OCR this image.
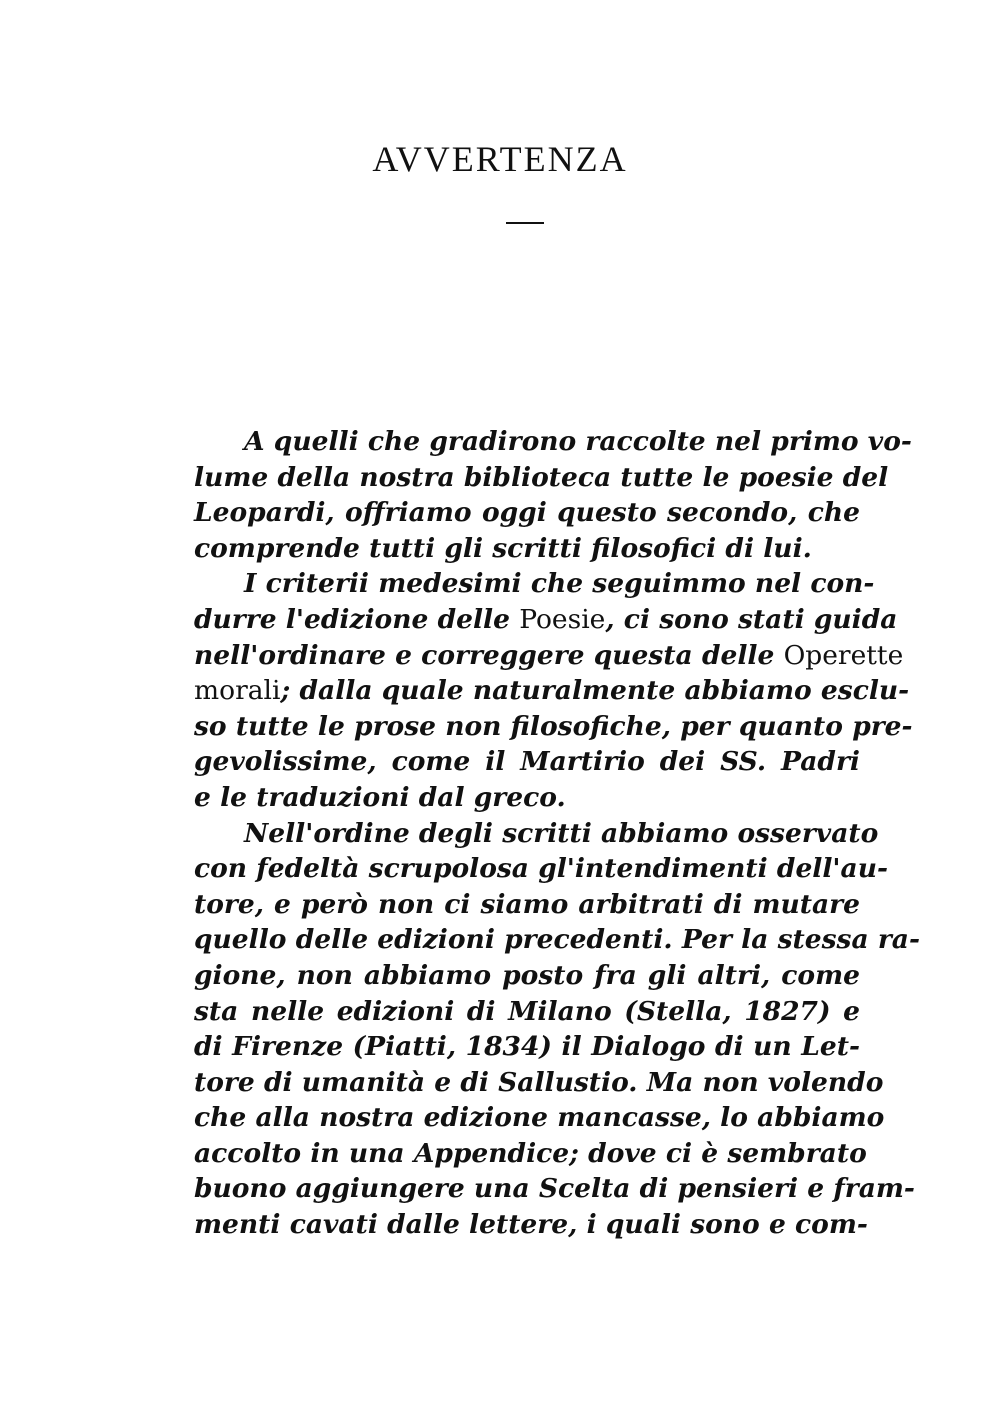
AVVERTENZA
A quelli che gradirono raccolte nel primo vo-
lume della nostra biblioteca tutte le poesie del
Leopardi, offriamo oggi questo secondo, che
comprende tutti gli scritti filosofici di lui.
I criterii medesimi che seguimmo nel con-
durre l'edizione delle Poesie, ci sono stati guida
nell'ordinare e correggere questa delle Operette
morali; dalla quale naturalmente abbiamo esclu-
so tutte le prose non filosofiche, per quanto pre-
gevolissime, come il Martirio dei SS. Padri
e le traduzioni dal greco.
Nell'ordine degli scritti abbiamo osservato
con fedeltà scrupolosa gl'intendimenti dell'au-
tore, e però non ci siamo arbitrati di mutare
quello delle edizioni precedenti. Per la stessa ra-
gione, non abbiamo posto fra gli altri, come
sta nelle edizioni di Milano (Stella, 1827) e
di Firenze (Piatti, 1834) il Dialogo di un Let-
tore di umanità e di Sallustio. Ma non volendo
che alla nostra edizione mancasse, lo abbiamo
accolto in una Appendice; dove ci è sembrato
buono aggiungere una Scelta di pensieri e fram-
menti cavati dalle lettere, i quali sono e com-
